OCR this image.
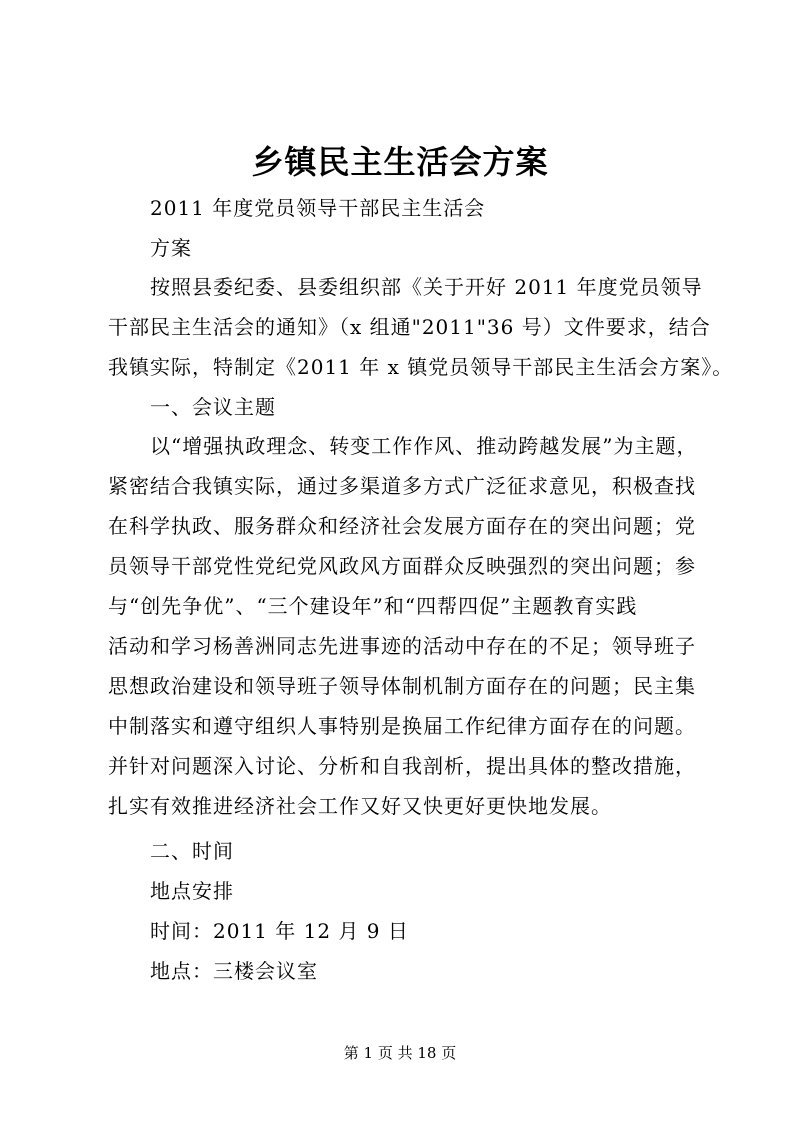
乡镇民主生活会方案
2011 年度党员领导干部民主生活会
方案
按照县委纪委、县委组织部《关于开好 2011 年度党员领导
干部民主生活会的通知》（x 组通"2011"36 号）文件要求，结合
我镇实际，特制定《2011 年 x 镇党员领导干部民主生活会方案》。
一、会议主题
以“增强执政理念、转变工作作风、推动跨越发展”为主题，
紧密结合我镇实际，通过多渠道多方式广泛征求意见，积极查找
在科学执政、服务群众和经济社会发展方面存在的突出问题；党
员领导干部党性党纪党风政风方面群众反映强烈的突出问题；参
与“创先争优”、“三个建设年”和“四帮四促”主题教育实践
活动和学习杨善洲同志先进事迹的活动中存在的不足；领导班子
思想政治建设和领导班子领导体制机制方面存在的问题；民主集
中制落实和遵守组织人事特别是换届工作纪律方面存在的问题。
并针对问题深入讨论、分析和自我剖析，提出具体的整改措施，
扎实有效推进经济社会工作又好又快更好更快地发展。
二、时间
地点安排
时间：2011 年 12 月 9 日
地点：三楼会议室
第 1 页 共 18 页
